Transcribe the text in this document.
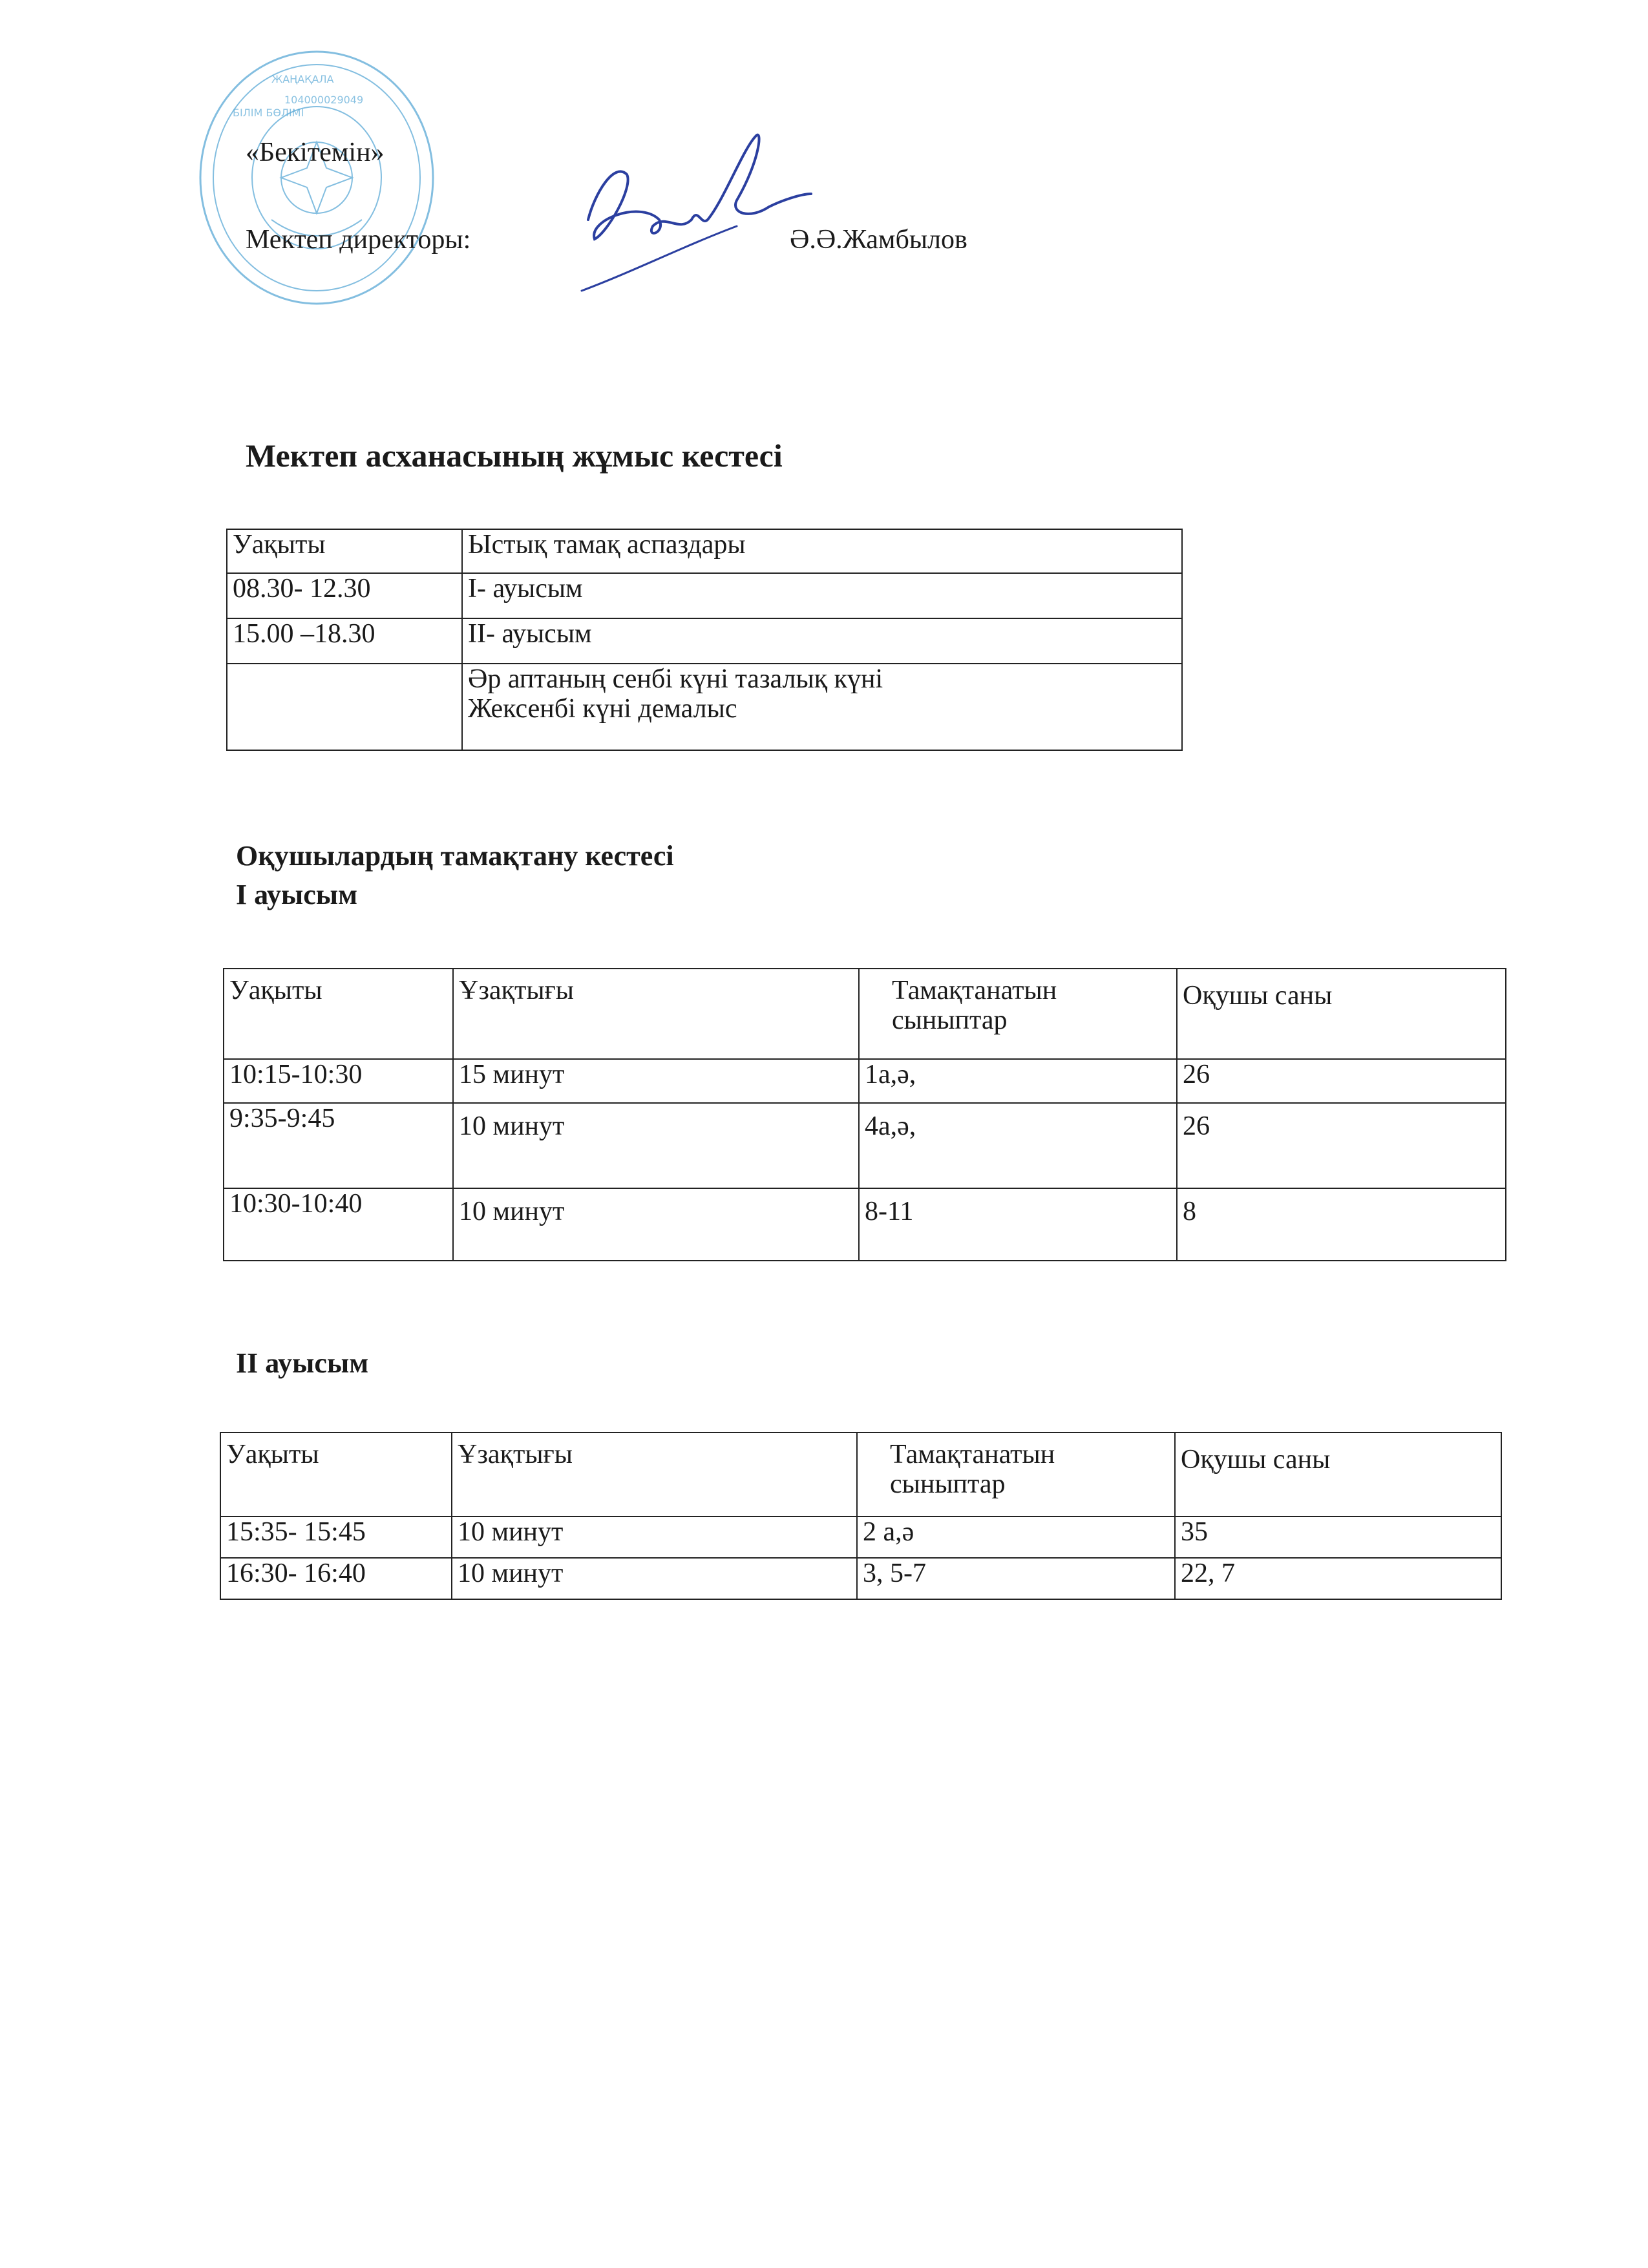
ЖАҢАҚАЛА
БІЛІМ БӨЛІМІ
104000029049
«Бекітемін»
Мектеп директоры:	Ә.Ә.Жамбылов
Мектеп асханасының жұмыс кестесі
Уақыты	Ыстық тамақ аспаздары
08.30- 12.30	І- ауысым
15.00 –18.30	ІІ- ауысым

	Әр аптаның сенбі күні тазалық күні
Жексенбі күні демалыс
Оқушылардың тамақтану кестесі
І ауысым
Уақыты	Ұзақтығы	Тамақтанатын сыныптар	Оқушы саны
10:15-10:30	15 минут	1а,ә,	26
9:35-9:45	10 минут	4а,ә,	26
10:30-10:40	10 минут	8-11	8
ІІ ауысым
Уақыты	Ұзақтығы	Тамақтанатын сыныптар	Оқушы саны
15:35- 15:45	10 минут	2 а,ә	35
16:30- 16:40	10 минут	3, 5-7	22, 7
